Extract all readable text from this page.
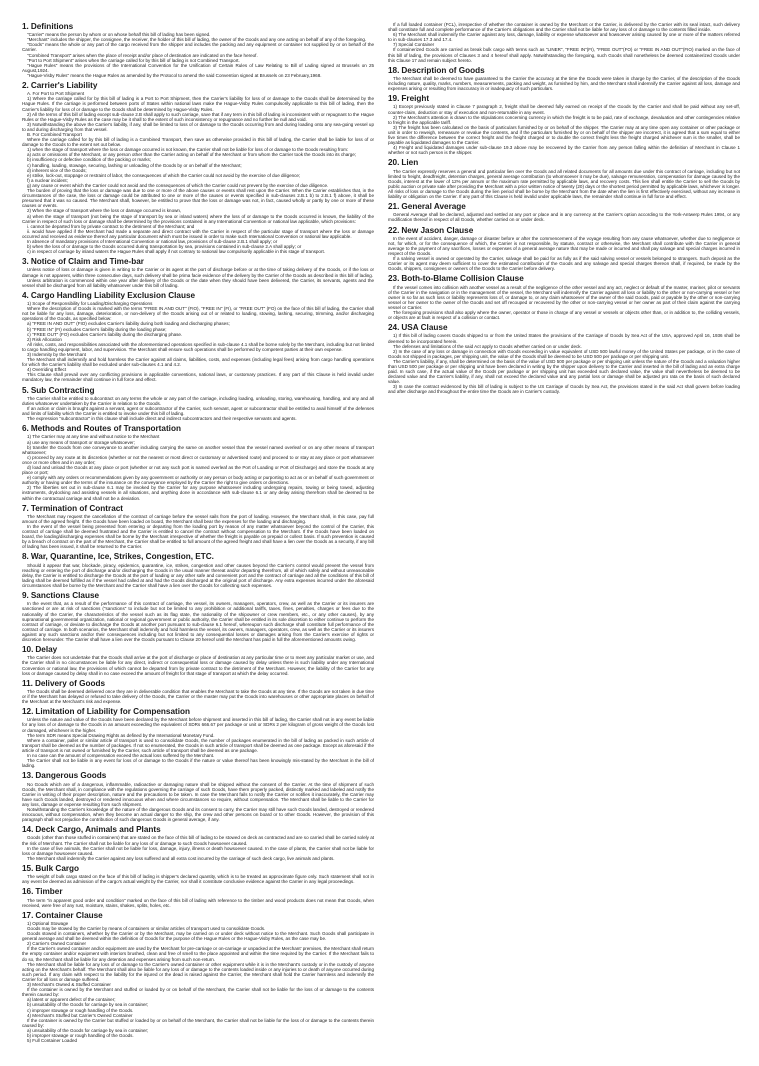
1. Definitions

"Carrier" means the person by whom or on whose behalf this bill of lading has been signed.

"Merchant" includes the shipper, the consignee, the receiver, the holder of this bill of lading, the owner of the Goods and any one acting on behalf of any of the foregoing.

"Goods" means the whole or any part of the cargo received from the shipper and includes the packing and any equipment or container not supplied by or on behalf of the Carrier.

"Combined Transport" arises when the place of receipt and/or place of destination are indicated on the face hereof.

"Port to Port Shipment" arises when the carriage called for by this bill of lading is not Combined Transport.

"Hague Rules" means the provisions of the International Convention for the Unification of Certain Rules of Law Relating to Bill of Lading signed at Brussels on 25 August,1924.

"Hague-Visby Rules" means the Hague Rules as amended by the Protocol to amend the said Convention signed at Brussels on 23 February,1968.

2. Carrier's Liability

A. For Port to Port Shipment

1) Where the carriage called for by this bill of lading is a Port to Port Shipment, then the Carrier's liability for loss of or damage to the Goods shall be determined by the Hague Rules. If the carriage is performed between ports of States within national laws make the Hague-Visby Rules compulsorily applicable to this bill of lading, then the Carrier's liability for loss of or damage to the Goods shall be determined by Hague-Visby Rules.

2) All the terms of this bill of lading except sub-clause 2.B shall apply to such carriage, save that if any term in this bill of lading is inconsistent with or repugnant to the Hague Rules or the Hague-Visby Rules as the case may be it shall to the extent of such inconsistency or repugnance and no further be null and void.

3) Notwithstanding the above the Carrier's liability, if any, shall be limited to loss of or damage to the Goods occurring from and during loading onto any sea-going vessel up to and during discharging from that vessel.

B. For Combined Transport

Where the carriage called for by this bill of lading is a Combined Transport, then save as otherwise provided in this bill of lading, the Carrier shall be liable for loss of or damage to the Goods to the extent set out below.

1) when the stage of transport where the loss or damage occurred is not known, the Carrier shall not be liable for loss of or damage to the Goods resulting from:

a) acts or omissions of the Merchant, or any person other than the Carrier acting on behalf of the Merchant or from whom the Carrier took the Goods into its charge;

b) insufficiency or defective condition of the packing or marks;

c) handling, loading, stowage, securing, lashing or unloading of the Goods by or on behalf of the Merchant;

d) inherent vice of the Goods;

e) strike, lock-out, stoppage or restraint of labor, the consequences of which the Carrier could not avoid by the exercise of due diligence;

f) a nuclear incident;

g) any cause or event which the Carrier could not avoid and the consequences of which the Carrier could not prevent by the exercise of due diligence.

The burden of proving that the loss or damage was due to one or more of the above causes or events shall rest upon the Carrier. When the Carrier establishes that, in the circumstances of the case, the loss or damage could be attributed to one or more of the causes or events specified in sub-clauses 2.B.1 b) to 2.B.1 f) above, it shall be presumed that it was so caused. The Merchant shall, however, be entitled to prove that the loss or damage was not, in fact, caused wholly or partly by one or more of these causes or events.

2) When the stage of transport where the loss or damage occurred is known,

a) when the stage of transport (not being the stage of transport by sea or inland waters) where the loss of or damage to the Goods occurred is known, the liability of the Carrier in respect of such loss or damage shall be determined by the provisions contained in any International Convention or national law applicable, which provisions:

i. cannot be departed from by private contract to the detriment of the Merchant; and

ii. would have applied if the Merchant had made a separate and direct contract with the Carrier in respect of the particular stage of transport where the loss or damage occurred and received as evidence thereof any particular document which must be issued in order to make such International Convention or national law applicable.

In absence of mandatory provisions of International Convention or national law, provisions of sub-clause 2.B.1 shall apply; or

b) when the loss of or damage to the Goods occurred during transportation by sea, provisions contained in sub-clause 2.A shall apply; or

c) in respect of carriage by inland waters the Hague Rules shall apply if not contrary to national law compulsorily applicable in this stage of transport.

3. Notice of Claim and Time-bar

Unless notice of loss or damage is given in writing to the Carrier or its agent at the port of discharge before or at the time of taking delivery of the Goods, or if the loss or damage is not apparent, within three consecutive days, such delivery shall be prima facie evidence of the delivery by the Carrier of the Goods as described in this bill of lading.

Unless arbitration is commenced within one year after delivery of the Goods or the date when they should have been delivered, the Carrier, its servants, agents and the vessel shall be discharged from all liability whatsoever under this bill of lading.

4. Cargo Handling Liability Exclusion Clause

1) Scope of Responsibility for Loading/Discharging Operations

Where the description of Goods is marked with the terms "FREE IN AND OUT" (FIO), "FREE IN" (FI), or "FREE OUT" (FO) on the face of this bill of lading, the Carrier shall not be liable for any loss, damage, deterioration, or non-delivery of the Goods arising out of or related to loading, stowing, lashing, securing, trimming, and/or discharging operations of the Goods, as specified below:

a) "FREE IN AND OUT" (FIO) excludes Carrier's liability during both loading and discharging phases;

b) "FREE IN" (FI) excludes Carrier's liability during the loading phase;

c) "FREE OUT" (FO) excludes Carrier's liability during the discharging phase.

2) Risk Allocation

All risks, costs, and responsibilities associated with the aforementioned operations specified in sub-clause 4.1 shall be borne solely by the Merchant, including but not limited to cargo handling equipment, labor, and supervision. The Merchant shall ensure such operations shall be performed by competent parties at their own expense.

3) Indemnity by the Merchant

The Merchant shall indemnify and hold harmless the Carrier against all claims, liabilities, costs, and expenses (including legal fees) arising from cargo handling operations for which the Carrier's liability shall be excluded under sub-clauses 4.1 and 4.2.

4) Overriding Effect

This Clause shall prevail over any conflicting provisions in applicable conventions, national laws, or customary practices. If any part of this Clause is held invalid under mandatory law, the remainder shall continue in full force and effect.

5. Sub Contracting

The Carrier shall be entitled to subcontract on any terms the whole or any part of the carriage, including loading, unloading, storing, warehousing, handling, and any and all duties whatsoever undertaken by the Carrier in relation to the Goods.

If an action or claim is brought against a servant, agent or subcontractor of the Carrier, such servant, agent or subcontractor shall be entitled to avail himself of the defenses and limits of liability which the Carrier is entitled to invoke under this bill of lading.

The expression "subcontractor" in this clause shall include direct and indirect subcontractors and their respective servants and agents.

6. Methods and Routes of Transportation

1) The Carrier may at any time and without notice to the Merchant

a) use any means of transport or storage whatsoever;

b) transfer the Goods from one conveyance to another including carrying the same on another vessel than the vessel named overleaf or on any other means of transport whatsoever;

c) proceed by any route at its discretion (whether or not the nearest or most direct or customary or advertised route) and proceed to or stay at any place or port whatsoever once or more often and in any order;

d) load and unload the Goods at any place or port (whether or not any such port is named overleaf as the Port of Loading or Port of Discharge) and store the Goods at any place or port;

e) comply with any orders or recommendations given by any government or authority or any person or body acting or purporting to act as or on behalf of such government or authority or having under the terms of the insurance on the conveyance employed by the Carrier the right to give orders or directions.

2) The liberties set out in sub-clause 6.1 may be invoked by the Carrier for any purpose whatsoever including undergoing repairs, towing or being towed, adjusting instruments, drydocking and assisting vessels in all situations, and anything done in accordance with sub-clause 6.1 or any delay arising therefrom shall be deemed to be within the contractual carriage and shall not be a deviation.

7. Termination of Contract

The Merchant may request the cancellation of the contract of carriage before the vessel sails from the port of loading. However, the Merchant shall, in this case, pay full amount of the agreed freight. If the Goods have been loaded on board, the Merchant shall bear the expenses for the loading and discharging.

In the event of the vessel being prevented from entering or departing from the loading port by reason of any matter whatsoever beyond the control of the Carrier, this contract of carriage shall be deemed frustrated and the Carrier is entitled to cancel the contract without compensation to the Merchant. If the Goods have been loaded on board, the loading/discharging expenses shall be borne by the Merchant irrespective of whether the freight is payable on prepaid or collect basis. If such prevention is caused by a breach of contract on the part of the Merchant, the Carrier shall be entitled to full amount of the agreed freight and shall have a lien over the Goods as a security, if any bill of lading has been issued, it shall be returned to the Carrier.

8. War, Quarantine, Ice, Strikes, Congestion, ETC.

Should it appear that war, blockade, piracy, epidemics, quarantine, ice, strikes, congestion and other causes beyond the Carrier's control would prevent the vessel from reaching or entering the port of discharge and/or discharging the Goods in the usual manner thereat and/or departing therefrom, all of which safely and without unreasonable delay, the Carrier is entitled to discharge the Goods at the port of loading or any other safe and convenient port and the contract of carriage and all the conditions of this bill of lading shall be deemed fulfilled as if the vessel had called at and had the Goods discharged at the original port of discharge. Any extra expenses incurred under the aforesaid circumstances shall be borne by the Merchant and the Carrier shall have a lien over the Goods for collecting such expenses.

9. Sanctions Clause

In the event that, as a result of the performance of this contract of carriage, the vessel, its owners, managers, operators, crew, as well as the Carrier or its insurers are sanctioned or are at risk of sanctions ("sanctions" to include but not be limited to any prohibition or additional tariffs, taxes, fines, penalties, charges or fees due to the nationality of the Carrier, the characteristics of the vessel such as its flag state, the nationality of the shipowner or crew members, etc., or any other causes), by any supranational governmental organization, national or regional government or public authority, the Carrier shall be entitled in its sole discretion to either continue to perform the contract of carriage, or deviate to discharge the Goods at another port pursuant to sub-clause 6.1 hereof, whereupon such discharge shall constitute full performance of the contract of carriage. In both scenarios, the Merchant shall indemnify and hold harmless the vessel, its owners, managers, operators, crew, as well as the Carrier or its insurers against any such sanctions and/or their consequences including but not limited to any consequential losses or damages arising from the Carrier's exercise of rights or discretion hereunder. The Carrier shall have a lien over the Goods pursuant to Clause 20 hereof until the Merchant has paid in full the aforementioned amounts owing.

10. Delay

The Carrier does not undertake that the Goods shall arrive at the port of discharge or place of destination at any particular time or to meet any particular market or use, and the Carrier shall in no circumstances be liable for any direct, indirect or consequential loss or damage caused by delay unless there is such liability under any International Convention or national law, the provisions of which cannot be departed from by private contract to the detriment of the Merchant. However, the liability of the Carrier for any loss or damage caused by delay shall in no case exceed the amount of freight for that stage of transport at which the delay occurred.

11. Delivery of Goods

The Goods shall be deemed delivered once they are in deliverable condition that enables the Merchant to take the Goods at any time. If the Goods are not taken in due time or if the Merchant has delayed or refused to take delivery of the Goods, the Carrier or the master may put the Goods into warehouses or other appropriate places on behalf of the Merchant at the Merchant's risk and expense.

12. Limitation of Liability for Compensation

Unless the nature and value of the Goods have been declared by the Merchant before shipment and inserted in this bill of lading, the Carrier shall not in any event be liable for any loss of or damage to the Goods in an amount exceeding the equivalent of SDRs 666.67 per package or unit or SDRs 2 per kilogram of gross weight of the Goods lost or damaged, whichever is the higher.

The term SDR means Special Drawing Rights as defined by the International Monetary Fund.

Where a container, pallet or similar article of transport is used to consolidate Goods, the number of packages enumerated in the bill of lading as packed in such article of transport shall be deemed as the number of packages. If not so enumerated, the Goods in such article of transport shall be deemed as one package. Except as aforesaid if the article of transport is not owned or furnished by the Carrier, such article of transport shall be deemed as one package.

In no case can the amount of compensation exceed the actual loss suffered by the Merchant.

The Carrier shall not be liable in any event for loss of or damage to the Goods if the nature or value thereof has been knowingly mis-stated by the Merchant in the bill of lading.

13. Dangerous Goods

No Goods which are of a dangerous, inflammable, radioactive or damaging nature shall be shipped without the consent of the Carrier. At the time of shipment of such Goods, the Merchant shall, in compliance with the regulations governing the carriage of such Goods, have them properly packed, distinctly marked and labeled and notify the Carrier in writing of their proper description, nature and the precautions to be taken. In case the Merchant fails to notify the Carrier or notifies it inaccurately, the Carrier may have such Goods landed, destroyed or rendered innocuous when and where circumstances so require, without compensation. The Merchant shall be liable to the Carrier for any loss, damage or expense resulting from such shipment.

Notwithstanding the Carrier's knowledge of the nature of the dangerous Goods and its consent to carry, the Carrier may still have such Goods landed, destroyed or rendered innocuous, without compensation, when they become an actual danger to the ship, the crew and other persons on board or to other Goods. However, the provision of this paragraph shall not prejudice the contribution of such dangerous Goods in general average, if any.

14. Deck Cargo, Animals and Plants

Goods (other than those stuffed in containers) that are stated on the face of this bill of lading to be stowed on deck as contracted and are so carried shall be carried solely at the risk of Merchant. The Carrier shall not be liable for any loss of or damage to such Goods howsoever caused.

In the case of live animals, the Carrier shall not be liable for loss, damage, injury, illness or death howsoever caused. In the case of plants, the Carrier shall not be liable for loss or damage howsoever caused.

The Merchant shall indemnify the Carrier against any loss suffered and all extra cost incurred by the carriage of such deck cargo, live animals and plants.

15. Bulk Cargo

The weight of bulk cargo stated on the face of this bill of lading is shipper's declared quantity, which is to be treated as approximate figure only. Such statement shall not in any event be deemed as admission of the cargo's actual weight by the Carrier, nor shall it constitute conclusive evidence against the Carrier in any legal proceedings.

16. Timber

The term "in apparent good order and condition" marked on the face of this bill of lading with reference to the timber and wood products does not mean that Goods, when received, were free of any rust, moisture, stains, shakes, splits, holes, etc.

17. Container Clause

1) Optional Stowage

Goods may be stowed by the Carrier by means of containers or similar articles of transport used to consolidate Goods.

Goods stowed in containers, whether by the Carrier or by the Merchant, may be carried on or under deck without notice to the Merchant. Such Goods shall participate in general average and shall be deemed within the definition of Goods for the purpose of the Hague Rules or the Hague-Visby Rules, as the case may be.

2) Carrier's Owned Container

If the Carrier's owned container and/or equipment are used by the Merchant for pre-carriage or on-carriage or unpacked at the Merchant' premises, the Merchant shall return the empty container and/or equipment with interiors brushed, clean and free of smell to the place appointed and within the time required by the Carrier. If the Merchant fails to do so, the Merchant shall be liable for any detention and expenses arising from such non-return.

The Merchant shall be liable for any loss of or damage to the Carrier's owned container or other equipment while it is in the Merchant's custody or in the custody of anyone acting on the Merchant's behalf. The Merchant shall also be liable for any loss of or damage to the contents loaded inside or any injuries to or death of anyone occurred during such period. If any claim with respect to the liability for the injured or the dead is raised against the Carrier, the Merchant shall hold the Carrier harmless and indemnify the Carrier for all loss or damage suffered.

3) Merchant's Owned & Stuffed Container

If the container is owned by the Merchant and stuffed or loaded by or on behalf of the Merchant, the Carrier shall not be liable for the loss of or damage to the contents therein caused by:

a) latent or apparent defect of the container;

b) unsuitability of the Goods for carriage by sea in container;

c) improper stowage or rough handling of the Goods.

4) Merchant's Stuffed but Carrier's Owned Container

If the container is owned by the Carrier but stuffed or loaded by or on behalf of the Merchant, the Carrier shall not be liable for the loss of or damage to the contents therein caused by:

a) unsuitability of the Goods for carriage by sea in container;

b) improper stowage or rough handling of the Goods.

5) Full Container Loaded

If a full loaded container (FCL), irrespective of whether the container is owned by the Merchant or the Carrier, is delivered by the Carrier with its seal intact, such delivery shall constitute full and complete performance of the Carrier's obligations and the Carrier shall not be liable for any loss of or damage to the contents filled inside.

6) The Merchant shall indemnify the Carrier against any loss, damage, liability or expense whatsoever and howsoever arising caused by one or more of the matters referred to in sub-clauses 17.3 and 17.4.

7) Special Container

If containerized Goods are carried as break bulk cargo with terms such as "LINER", "FREE IN"(FI), "FREE OUT"(FO) or "FREE IN AND OUT"(FIO) marked on the face of this bill of lading, the provisions of Clauses 3 and 4 hereof shall apply. Notwithstanding the foregoing, such Goods shall nonetheless be deemed containerized Goods under this Clause 17 and remain subject hereto.

18. Description of Goods

The Merchant shall be deemed to have guaranteed to the Carrier the accuracy at the time the Goods were taken in charge by the Carrier, of the description of the Goods including nature, quality, marks, numbers, measurements, packing and weight, as furnished by him, and the Merchant shall indemnify the Carrier against all loss, damage and expenses arising or resulting from inaccuracy in or inadequacy of such particulars.

19. Freight

1) Except previously stated in Clause 7 paragraph 2, freight shall be deemed fully earned on receipt of the Goods by the Carrier and shall be paid without any set-off, counter-claim, deduction or stay of execution and non-returnable in any event.

2) The Merchant's attention is drawn to the stipulations concerning currency in which the freight is to be paid, rate of exchange, devaluation and other contingencies relative to freight in the applicable tariff.

3) The freight has been calculated on the basis of particulars furnished by or on behalf of the shipper. The Carrier may at any time open any container or other package or unit in order to reweigh, remeasure or revalue the contents, and if the particulars furnished by or on behalf of the shipper are incorrect, it is agreed that a sum equal to either five times the difference between the correct freight and the freight charged or to double the correct freight less the freight charged whichever sum is the smaller, shall be payable as liquidated damages to the Carrier.

4) Freight and liquidated damages under sub-clause 19.3 above may be recovered by the Carrier from any person falling within the definition of Merchant in Clause 1 whether or not such person is the shipper.

20. Lien

The Carrier expressly reserves a general and particular lien over the Goods and all related documents for all amounts due under this contract of carriage, including but not limited to freight, deadfreight, detention charges, general average contribution (to whomsoever it may be due), salvage remuneration, compensation for damage caused by the Goods, interest at the lower of 12% per annum or the maximum rate permitted by applicable laws, and recovery costs. This lien shall entitle the Carrier to sell the Goods by public auction or private sale after providing the Merchant with a prior written notice of twenty (20) days or the shortest period permitted by applicable laws, whichever is longer. All risks of loss or damage to the Goods during the lien period shall be borne by the Merchant from the date when the lien is first effectively exercised, without any increase in liability or obligation on the Carrier. If any part of this Clause is held invalid under applicable laws, the remainder shall continue in full force and effect.

21. General Average

General Average shall be declared, adjusted and settled at any port or place and in any currency at the Carrier's option according to the York-Antwerp Rules 1994, or any modification thereof in respect of all Goods, whether carried on or under deck.

22. New Jason Clause

In the event of accident, danger, damage or disaster before or after the commencement of the voyage resulting from any cause whatsoever, whether due to negligence or not, for which, or for the consequence of which, the Carrier is not responsible, by statute, contract or otherwise, the Merchant shall contribute with the Carrier in general average to the payment of any sacrifices, losses or expenses of a general average nature that may be made or incurred and shall pay salvage and special charges incurred in respect of the Goods.

If a salving vessel is owned or operated by the Carrier, salvage shall be paid for as fully as if the said salving vessel or vessels belonged to strangers. Such deposit as the Carrier or its agent may deem sufficient to cover the estimated contribution of the Goods and any salvage and special charges thereon shall, if required, be made by the Goods, shippers, consignees or owners of the Goods to the Carrier before delivery.

23. Both-to-Blame Collision Clause

If the vessel comes into collision with another vessel as a result of the negligence of the other vessel and any act, neglect or default of the master, mariner, pilot or servants of the Carrier in the navigation or in the management of the vessel, the Merchant will indemnify the Carrier against all loss or liability to the other or non-carrying vessel or her owner in so far as such loss or liability represents loss of, or damage to, or any claim whatsoever of the owner of the said Goods, paid or payable by the other or non-carrying vessel or her owner to the owner of the Goods and set off recouped or recovered by the other or non-carrying vessel or her owner as part of their claim against the carrying vessel or Carrier.

The foregoing provisions shall also apply where the owner, operator or those in charge of any vessel or vessels or objects other than, or in addition to, the colliding vessels, or objects are at fault in respect of a collision or contact.

24. USA Clause

1) If this bill of lading covers Goods shipped to or from the United States the provisions of the Carriage of Goods by Sea Act of the USA, approved April 16, 1936 shall be deemed to be incorporated herein.

The defenses and limitations of the said Act apply to Goods whether carried on or under deck.

2) In the case of any loss or damage in connection with Goods exceeding in value equivalent of USD 500 lawful money of the United States per package, or in the case of Goods not shipped in packages, per shipping unit, the value of the Goods shall be deemed to be USD 500 per package or per shipping unit.

The Carrier's liability, if any, shall be determined on the basis of the value of USD 500 per package or per shipping unit unless the nature of the Goods and a valuation higher than USD 500 per package or per shipping unit have been declared in writing by the shipper upon delivery to the Carrier and inserted in the bill of lading and an extra charge paid. In such case, if the actual value of the Goods per package or per shipping unit has exceeded such declared value, the value shall nevertheless be deemed to be declared value and the Carrier's liability, if any, shall not exceed the declared value and any partial loss or damage shall be adjusted pro rata on the basis of such declared value.

3) In case the contract evidenced by this bill of lading is subject to the US Carriage of Goods by Sea Act, the provisions stated in the said Act shall govern before loading and after discharge and throughout the entire time the Goods are in Carrier's custody.
